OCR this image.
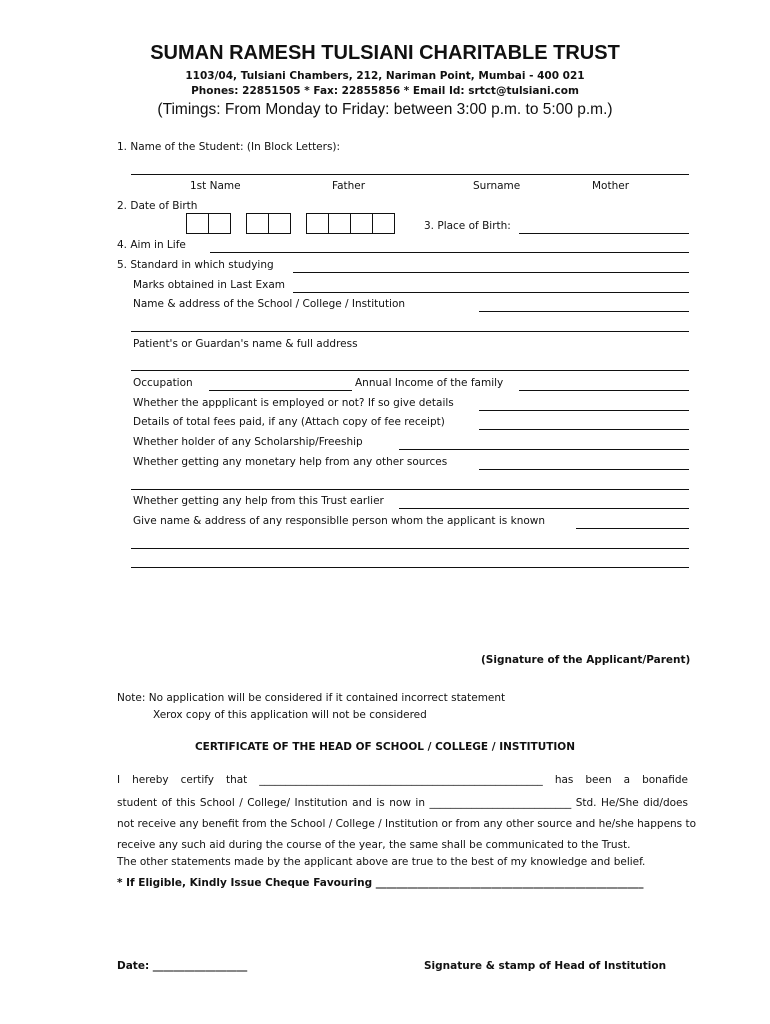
SUMAN RAMESH TULSIANI CHARITABLE TRUST
1103/04, Tulsiani Chambers, 212, Nariman Point, Mumbai - 400 021
Phones: 22851505 * Fax: 22855856 * Email Id: srtct@tulsiani.com
(Timings: From Monday to Friday: between 3:00 p.m. to 5:00 p.m.)
1. Name of the Student: (In Block Letters):
1st Name	Father	Surname	Mother
2. Date of Birth
3. Place of Birth:
4. Aim in Life
5. Standard in which studying
Marks obtained in Last Exam
Name & address of the School / College / Institution
Patient's or Guardan's name & full address
Occupation	Annual Income of the family
Whether the appplicant is employed or not? If so give details
Details of total fees paid, if any (Attach copy of fee receipt)
Whether holder of any Scholarship/Freeship
Whether getting any monetary help from any other sources
Whether getting any help from this Trust earlier
Give name & address of any responsiblle person whom the applicant is known
(Signature of the Applicant/Parent)
Note: No application will be considered if it contained incorrect statement
Xerox copy of this application will not be considered
CERTIFICATE OF THE HEAD OF SCHOOL / COLLEGE / INSTITUTION
I hereby certify that ______________________________________________________ has been a bonafide
student of this School / College/ Institution and is now in ___________________________ Std. He/She did/does
not receive any benefit from the School / College / Institution or from any other source and he/she happens to
receive any such aid during the course of the year, the same shall be communicated to the Trust.
The other statements made by the applicant above are true to the best of my knowledge and belief.
* If Eligible, Kindly Issue Cheque Favouring ___________________________________________________
Date: __________________	Signature & stamp of Head of Institution
